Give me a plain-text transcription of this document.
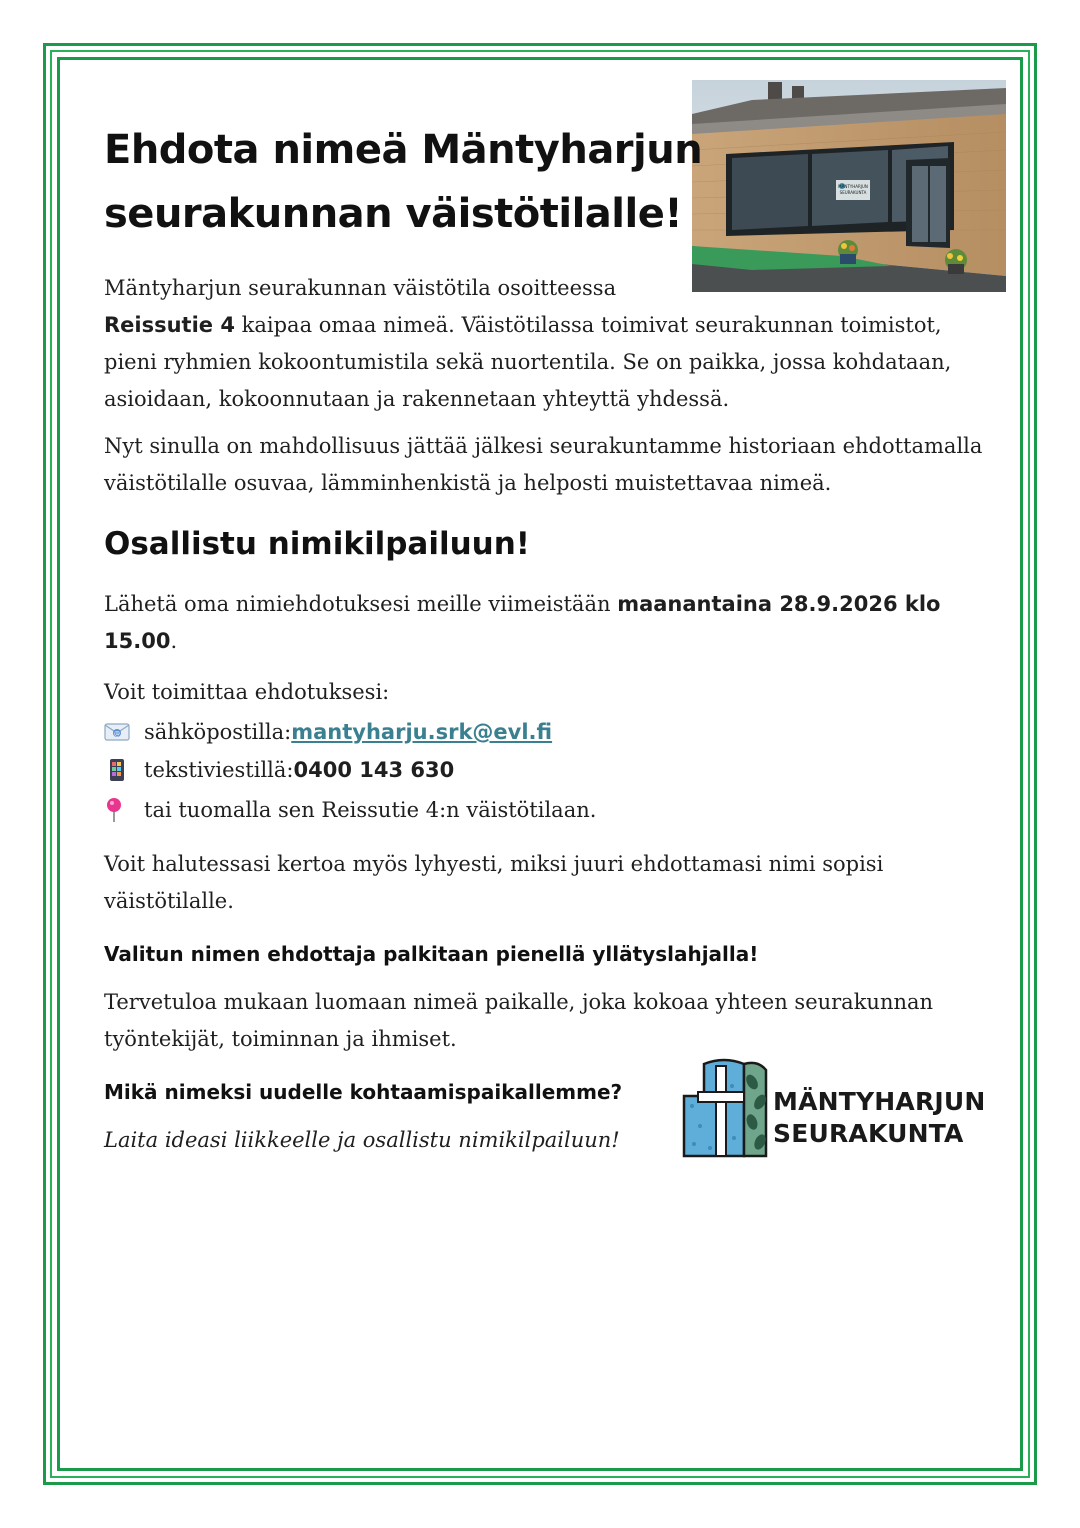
MÄNTYHARJUN
SEURAKUNTA
Ehdota nimeä Mäntyharjun
seurakunnan väistötilalle!

Mäntyharjun seurakunnan väistötila osoitteessa
Reissutie 4 kaipaa omaa nimeä. Väistötilassa toimivat seurakunnan toimistot, pieni ryhmien kokoontumistila sekä nuortentila. Se on paikka, jossa kohdataan, asioidaan, kokoonnutaan ja rakennetaan yhteyttä yhdessä.

Nyt sinulla on mahdollisuus jättää jälkesi seurakuntamme historiaan ehdottamalla väistötilalle osuvaa, lämminhenkistä ja helposti muistettavaa nimeä.

Osallistu nimikilpailuun!

Lähetä oma nimiehdotuksesi meille viimeistään maanantaina 28.9.2026 klo 15.00.

Voit toimittaa ehdotuksesi:

@ sähköpostilla: mantyharju.srk@evl.fi
tekstiviestillä: 0400 143 630
tai tuomalla sen Reissutie 4:n väistötilaan.

Voit halutessasi kertoa myös lyhyesti, miksi juuri ehdottamasi nimi sopisi väistötilalle.

Valitun nimen ehdottaja palkitaan pienellä yllätyslahjalla!

Tervetuloa mukaan luomaan nimeä paikalle, joka kokoaa yhteen seurakunnan työntekijät, toiminnan ja ihmiset.

Mikä nimeksi uudelle kohtaamispaikallemme?

Laita ideasi liikkeelle ja osallistu nimikilpailuun!

MÄNTYHARJUN
SEURAKUNTA
